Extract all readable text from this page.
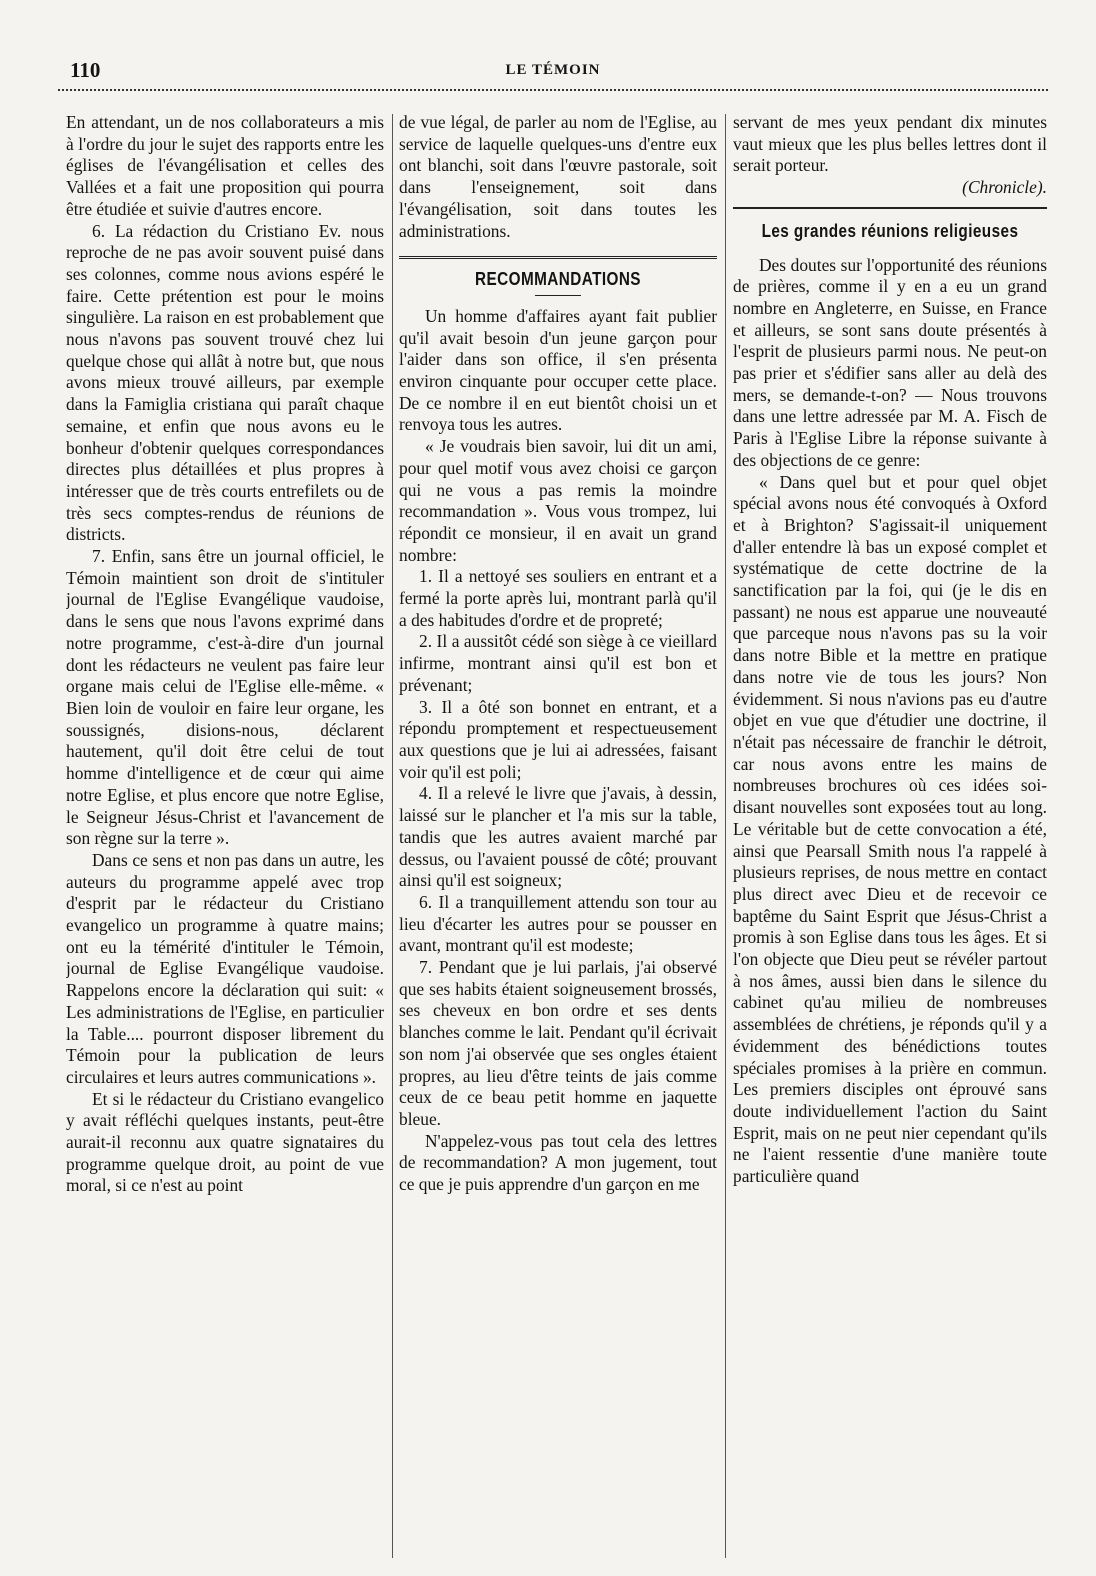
110	LE TÉMOIN

En attendant, un de nos collaborateurs a mis à l'ordre du jour le sujet des rapports entre les églises de l'évangélisation et celles des Vallées et a fait une proposition qui pourra être étudiée et suivie d'autres encore.

6. La rédaction du Cristiano Ev. nous reproche de ne pas avoir souvent puisé dans ses colonnes, comme nous avions espéré le faire. Cette prétention est pour le moins singulière. La raison en est probablement que nous n'avons pas souvent trouvé chez lui quelque chose qui allât à notre but, que nous avons mieux trouvé ailleurs, par exemple dans la Famiglia cristiana qui paraît chaque semaine, et enfin que nous avons eu le bonheur d'obtenir quelques correspondances directes plus détaillées et plus propres à intéresser que de très courts entrefilets ou de très secs comptes-rendus de réunions de districts.

7. Enfin, sans être un journal officiel, le Témoin maintient son droit de s'intituler journal de l'Eglise Evangélique vaudoise, dans le sens que nous l'avons exprimé dans notre programme, c'est-à-dire d'un journal dont les rédacteurs ne veulent pas faire leur organe mais celui de l'Eglise elle-même. « Bien loin de vouloir en faire leur organe, les soussignés, disions-nous, déclarent hautement, qu'il doit être celui de tout homme d'intelligence et de cœur qui aime notre Eglise, et plus encore que notre Eglise, le Seigneur Jésus-Christ et l'avancement de son règne sur la terre ».

Dans ce sens et non pas dans un autre, les auteurs du programme appelé avec trop d'esprit par le rédacteur du Cristiano evangelico un programme à quatre mains; ont eu la témérité d'intituler le Témoin, journal de Eglise Evangélique vaudoise. Rappelons encore la déclaration qui suit: « Les administrations de l'Eglise, en particulier la Table.... pourront disposer librement du Témoin pour la publication de leurs circulaires et leurs autres communications ».

Et si le rédacteur du Cristiano evangelico y avait réfléchi quelques instants, peut-être aurait-il reconnu aux quatre signataires du programme quelque droit, au point de vue moral, si ce n'est au point

de vue légal, de parler au nom de l'Eglise, au service de laquelle quelques-uns d'entre eux ont blanchi, soit dans l'œuvre pastorale, soit dans l'enseignement, soit dans l'évangélisation, soit dans toutes les administrations.

RECOMMANDATIONS

Un homme d'affaires ayant fait publier qu'il avait besoin d'un jeune garçon pour l'aider dans son office, il s'en présenta environ cinquante pour occuper cette place. De ce nombre il en eut bientôt choisi un et renvoya tous les autres.

« Je voudrais bien savoir, lui dit un ami, pour quel motif vous avez choisi ce garçon qui ne vous a pas remis la moindre recommandation ». Vous vous trompez, lui répondit ce monsieur, il en avait un grand nombre:

1. Il a nettoyé ses souliers en entrant et a fermé la porte après lui, montrant parlà qu'il a des habitudes d'ordre et de propreté;

2. Il a aussitôt cédé son siège à ce vieillard infirme, montrant ainsi qu'il est bon et prévenant;

3. Il a ôté son bonnet en entrant, et a répondu promptement et respectueusement aux questions que je lui ai adressées, faisant voir qu'il est poli;

4. Il a relevé le livre que j'avais, à dessin, laissé sur le plancher et l'a mis sur la table, tandis que les autres avaient marché par dessus, ou l'avaient poussé de côté; prouvant ainsi qu'il est soigneux;

6. Il a tranquillement attendu son tour au lieu d'écarter les autres pour se pousser en avant, montrant qu'il est modeste;

7. Pendant que je lui parlais, j'ai observé que ses habits étaient soigneusement brossés, ses cheveux en bon ordre et ses dents blanches comme le lait. Pendant qu'il écrivait son nom j'ai observée que ses ongles étaient propres, au lieu d'être teints de jais comme ceux de ce beau petit homme en jaquette bleue.

N'appelez-vous pas tout cela des lettres de recommandation? A mon jugement, tout ce que je puis apprendre d'un garçon en me

servant de mes yeux pendant dix minutes vaut mieux que les plus belles lettres dont il serait porteur.

(Chronicle).

Les grandes réunions religieuses

Des doutes sur l'opportunité des réunions de prières, comme il y en a eu un grand nombre en Angleterre, en Suisse, en France et ailleurs, se sont sans doute présentés à l'esprit de plusieurs parmi nous. Ne peut-on pas prier et s'édifier sans aller au delà des mers, se demande-t-on? — Nous trouvons dans une lettre adressée par M. A. Fisch de Paris à l'Eglise Libre la réponse suivante à des objections de ce genre:

« Dans quel but et pour quel objet spécial avons nous été convoqués à Oxford et à Brighton? S'agissait-il uniquement d'aller entendre là bas un exposé complet et systématique de cette doctrine de la sanctification par la foi, qui (je le dis en passant) ne nous est apparue une nouveauté que parceque nous n'avons pas su la voir dans notre Bible et la mettre en pratique dans notre vie de tous les jours? Non évidemment. Si nous n'avions pas eu d'autre objet en vue que d'étudier une doctrine, il n'était pas nécessaire de franchir le détroit, car nous avons entre les mains de nombreuses brochures où ces idées soi-disant nouvelles sont exposées tout au long. Le véritable but de cette convocation a été, ainsi que Pearsall Smith nous l'a rappelé à plusieurs reprises, de nous mettre en contact plus direct avec Dieu et de recevoir ce baptême du Saint Esprit que Jésus-Christ a promis à son Eglise dans tous les âges. Et si l'on objecte que Dieu peut se révéler partout à nos âmes, aussi bien dans le silence du cabinet qu'au milieu de nombreuses assemblées de chrétiens, je réponds qu'il y a évidemment des bénédictions toutes spéciales promises à la prière en commun. Les premiers disciples ont éprouvé sans doute individuellement l'action du Saint Esprit, mais on ne peut nier cependant qu'ils ne l'aient ressentie d'une manière toute particulière quand
